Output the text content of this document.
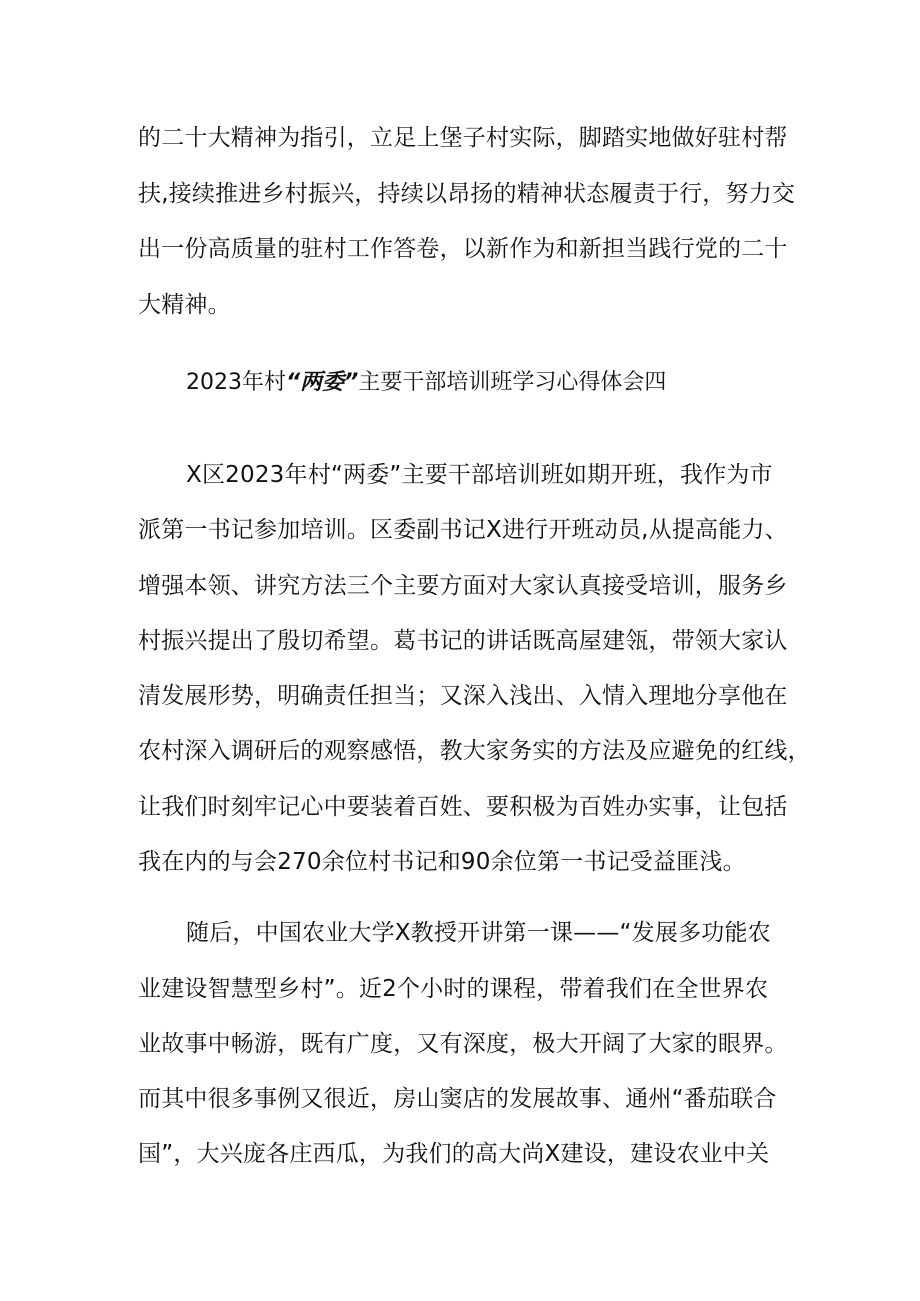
的二十大精神为指引，立足上堡子村实际，脚踏实地做好驻村帮
扶,接续推进乡村振兴，持续以昂扬的精神状态履责于行，努力交
出一份高质量的驻村工作答卷，以新作为和新担当践行党的二十
大精神。
2023年村“两委”主要干部培训班学习心得体会四
X区2023年村“两委”主要干部培训班如期开班，我作为市
派第一书记参加培训。区委副书记X进行开班动员,从提高能力、
增强本领、讲究方法三个主要方面对大家认真接受培训，服务乡
村振兴提出了殷切希望。葛书记的讲话既高屋建瓴，带领大家认
清发展形势，明确责任担当；又深入浅出、入情入理地分享他在
农村深入调研后的观察感悟，教大家务实的方法及应避免的红线，
让我们时刻牢记心中要装着百姓、要积极为百姓办实事，让包括
我在内的与会270余位村书记和90余位第一书记受益匪浅。
随后，中国农业大学X教授开讲第一课——“发展多功能农
业建设智慧型乡村”。近2个小时的课程，带着我们在全世界农
业故事中畅游，既有广度，又有深度，极大开阔了大家的眼界。
而其中很多事例又很近，房山窦店的发展故事、通州“番茄联合
国”，大兴庞各庄西瓜，为我们的高大尚X建设，建设农业中关
